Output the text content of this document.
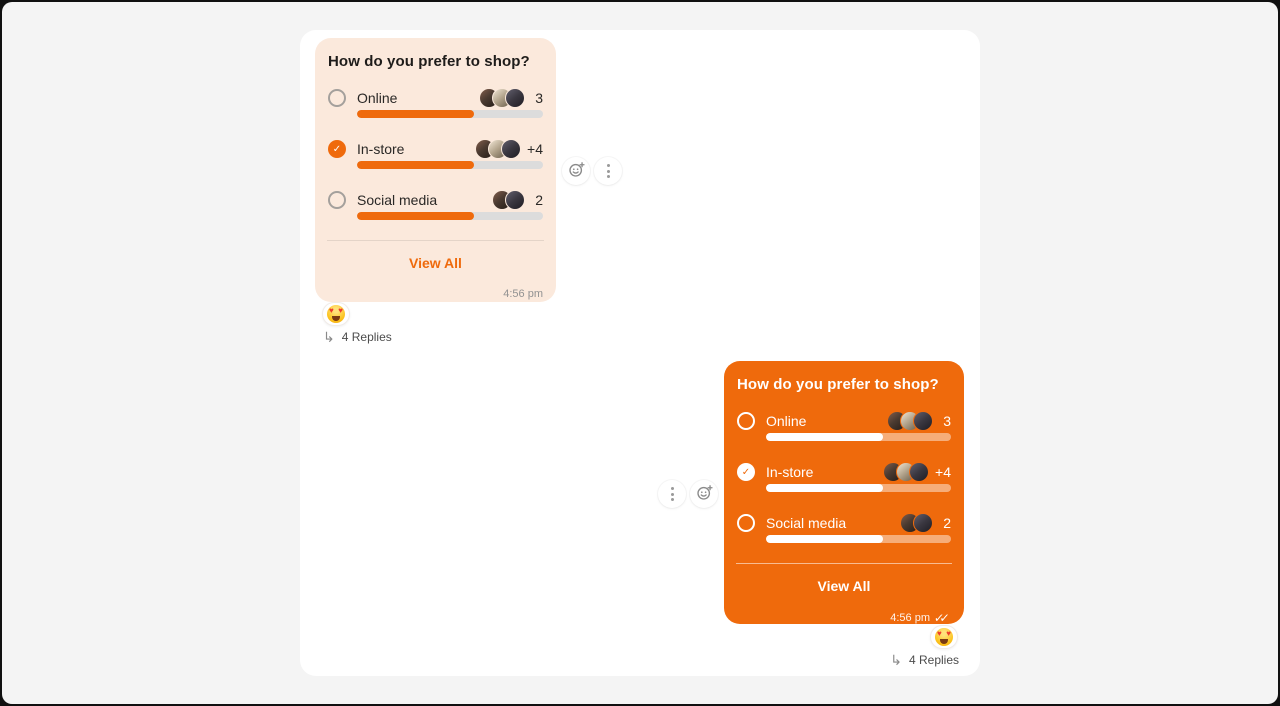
How do you prefer to shop?
Online	3
✓	In-store	+4
Social media	2
View All
4:56 pm
♥ ♥
↳ 4 Replies
How do you prefer to shop?
Online	3
✓	In-store	+4
Social media	2
View All
4:56 pm ✓✓
♥ ♥
↳ 4 Replies
